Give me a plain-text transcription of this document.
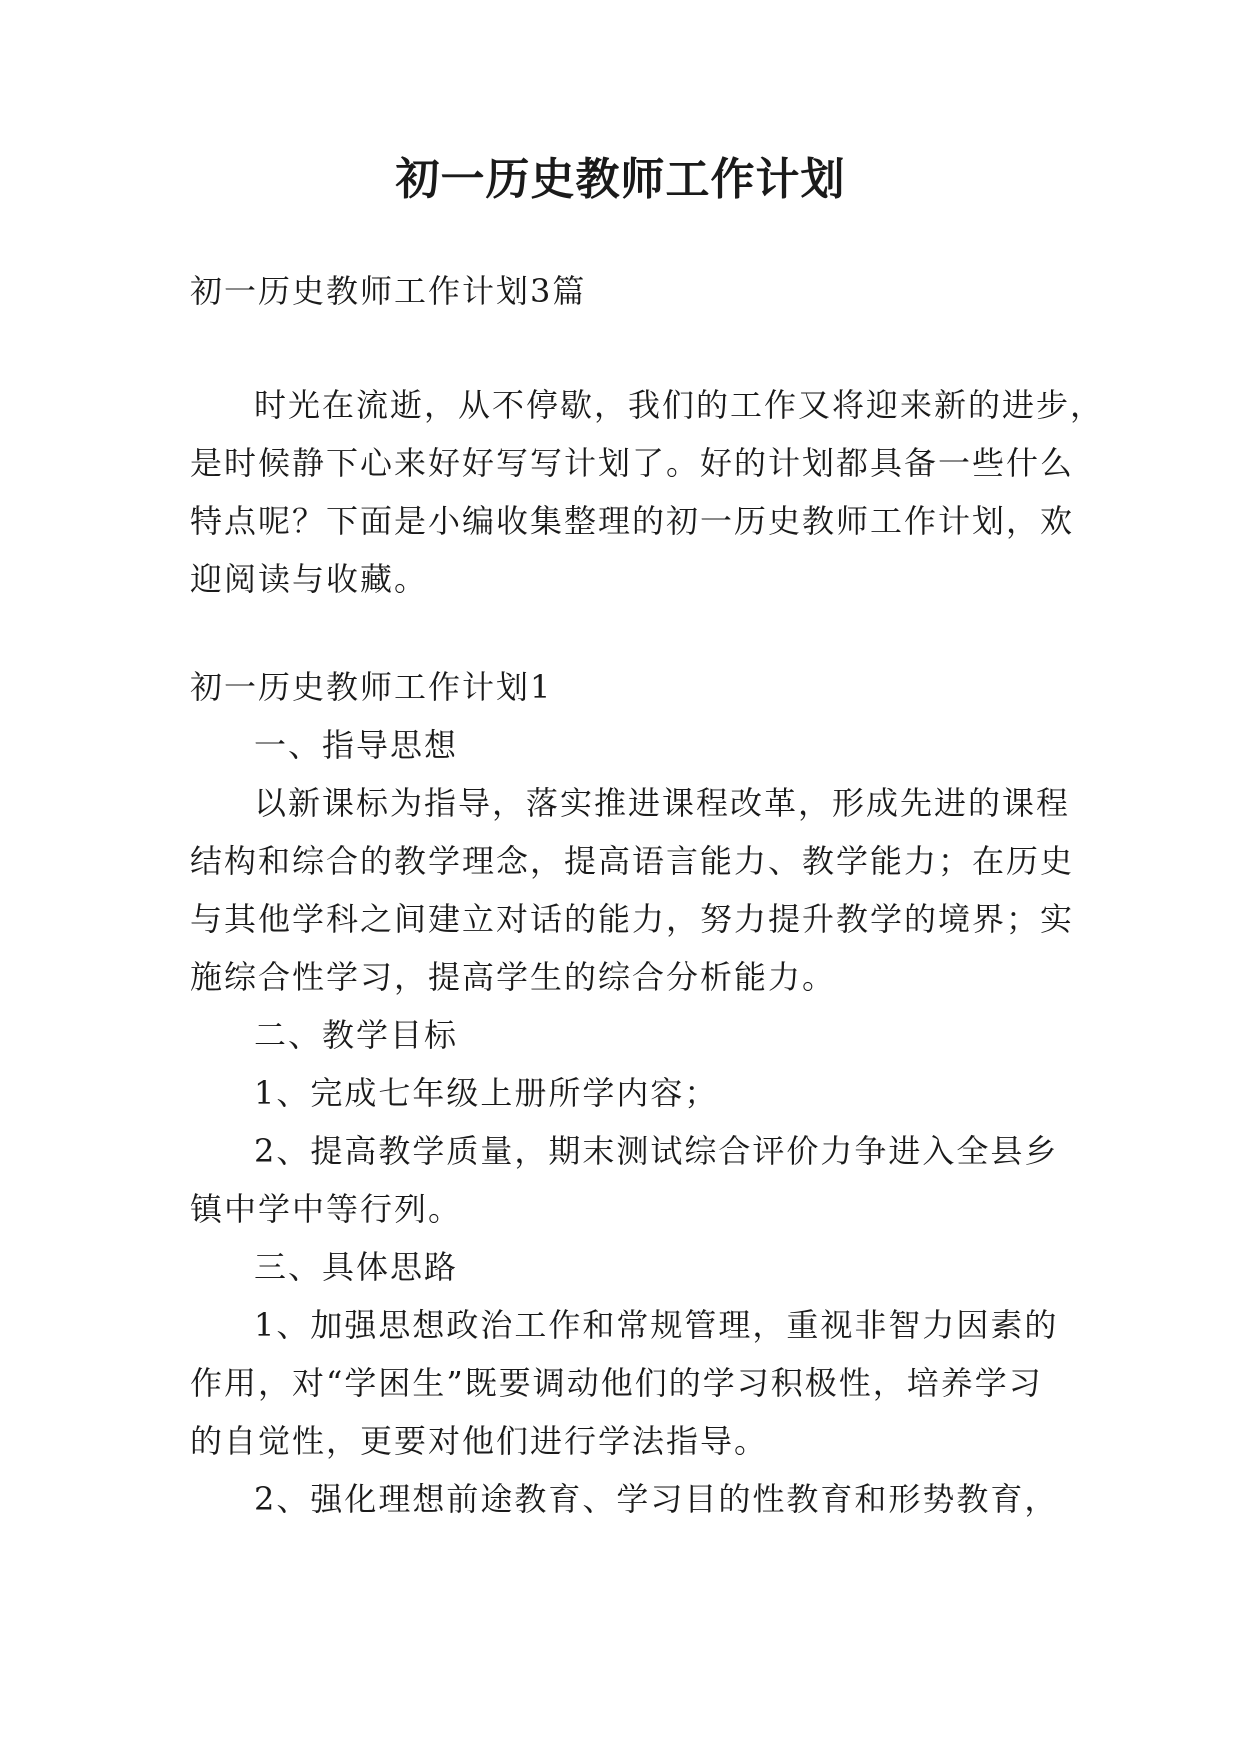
初一历史教师工作计划

初一历史教师工作计划3篇

时光在流逝，从不停歇，我们的工作又将迎来新的进步，
是时候静下心来好好写写计划了。好的计划都具备一些什么
特点呢？下面是小编收集整理的初一历史教师工作计划，欢
迎阅读与收藏。

初一历史教师工作计划1

一、指导思想

以新课标为指导，落实推进课程改革，形成先进的课程
结构和综合的教学理念，提高语言能力、教学能力；在历史
与其他学科之间建立对话的能力，努力提升教学的境界；实
施综合性学习，提高学生的综合分析能力。

二、教学目标

1、完成七年级上册所学内容；

2、提高教学质量，期末测试综合评价力争进入全县乡
镇中学中等行列。

三、具体思路

1、加强思想政治工作和常规管理，重视非智力因素的
作用，对“学困生”既要调动他们的学习积极性，培养学习
的自觉性，更要对他们进行学法指导。

2、强化理想前途教育、学习目的性教育和形势教育，
